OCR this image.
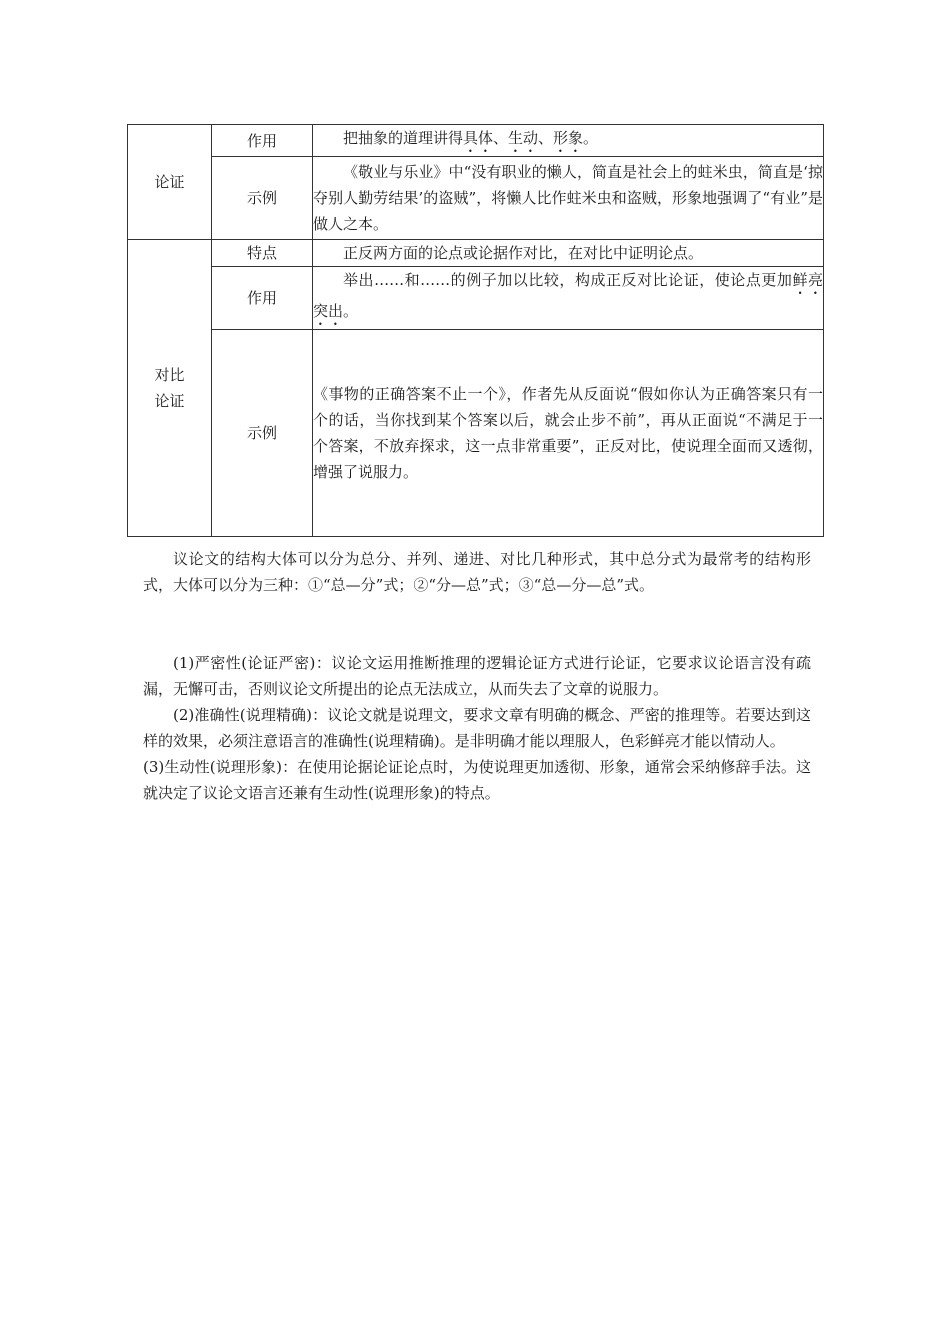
论证	作用	把抽象的道理讲得具体、生动、形象。
	示例	《敬业与乐业》中“没有职业的懒人，简直是社会上的蛀米虫，简直是‘掠夺别人勤劳结果’的盗贼”，将懒人比作蛀米虫和盗贼，形象地强调了“有业”是做人之本。

对比
论证	特点	正反两方面的论点或论据作对比，在对比中证明论点。
	作用	举出……和……的例子加以比较，构成正反对比论证，使论点更加鲜亮突出。
	示例	《事物的正确答案不止一个》，作者先从反面说“假如你认为正确答案只有一个的话，当你找到某个答案以后，就会止步不前”，再从正面说“不满足于一个答案，不放弃探求，这一点非常重要”，正反对比，使说理全面而又透彻，增强了说服力。

议论文的结构大体可以分为总分、并列、递进、对比几种形式，其中总分式为最常考的结构形式，大体可以分为三种：①“总—分”式；②“分—总”式；③“总—分—总”式。

(1)严密性(论证严密)：议论文运用推断推理的逻辑论证方式进行论证，它要求议论语言没有疏漏，无懈可击，否则议论文所提出的论点无法成立，从而失去了文章的说服力。

(2)准确性(说理精确)：议论文就是说理文，要求文章有明确的概念、严密的推理等。若要达到这样的效果，必须注意语言的准确性(说理精确)。是非明确才能以理服人，色彩鲜亮才能以情动人。

(3)生动性(说理形象)：在使用论据论证论点时，为使说理更加透彻、形象，通常会采纳修辞手法。这就决定了议论文语言还兼有生动性(说理形象)的特点。
